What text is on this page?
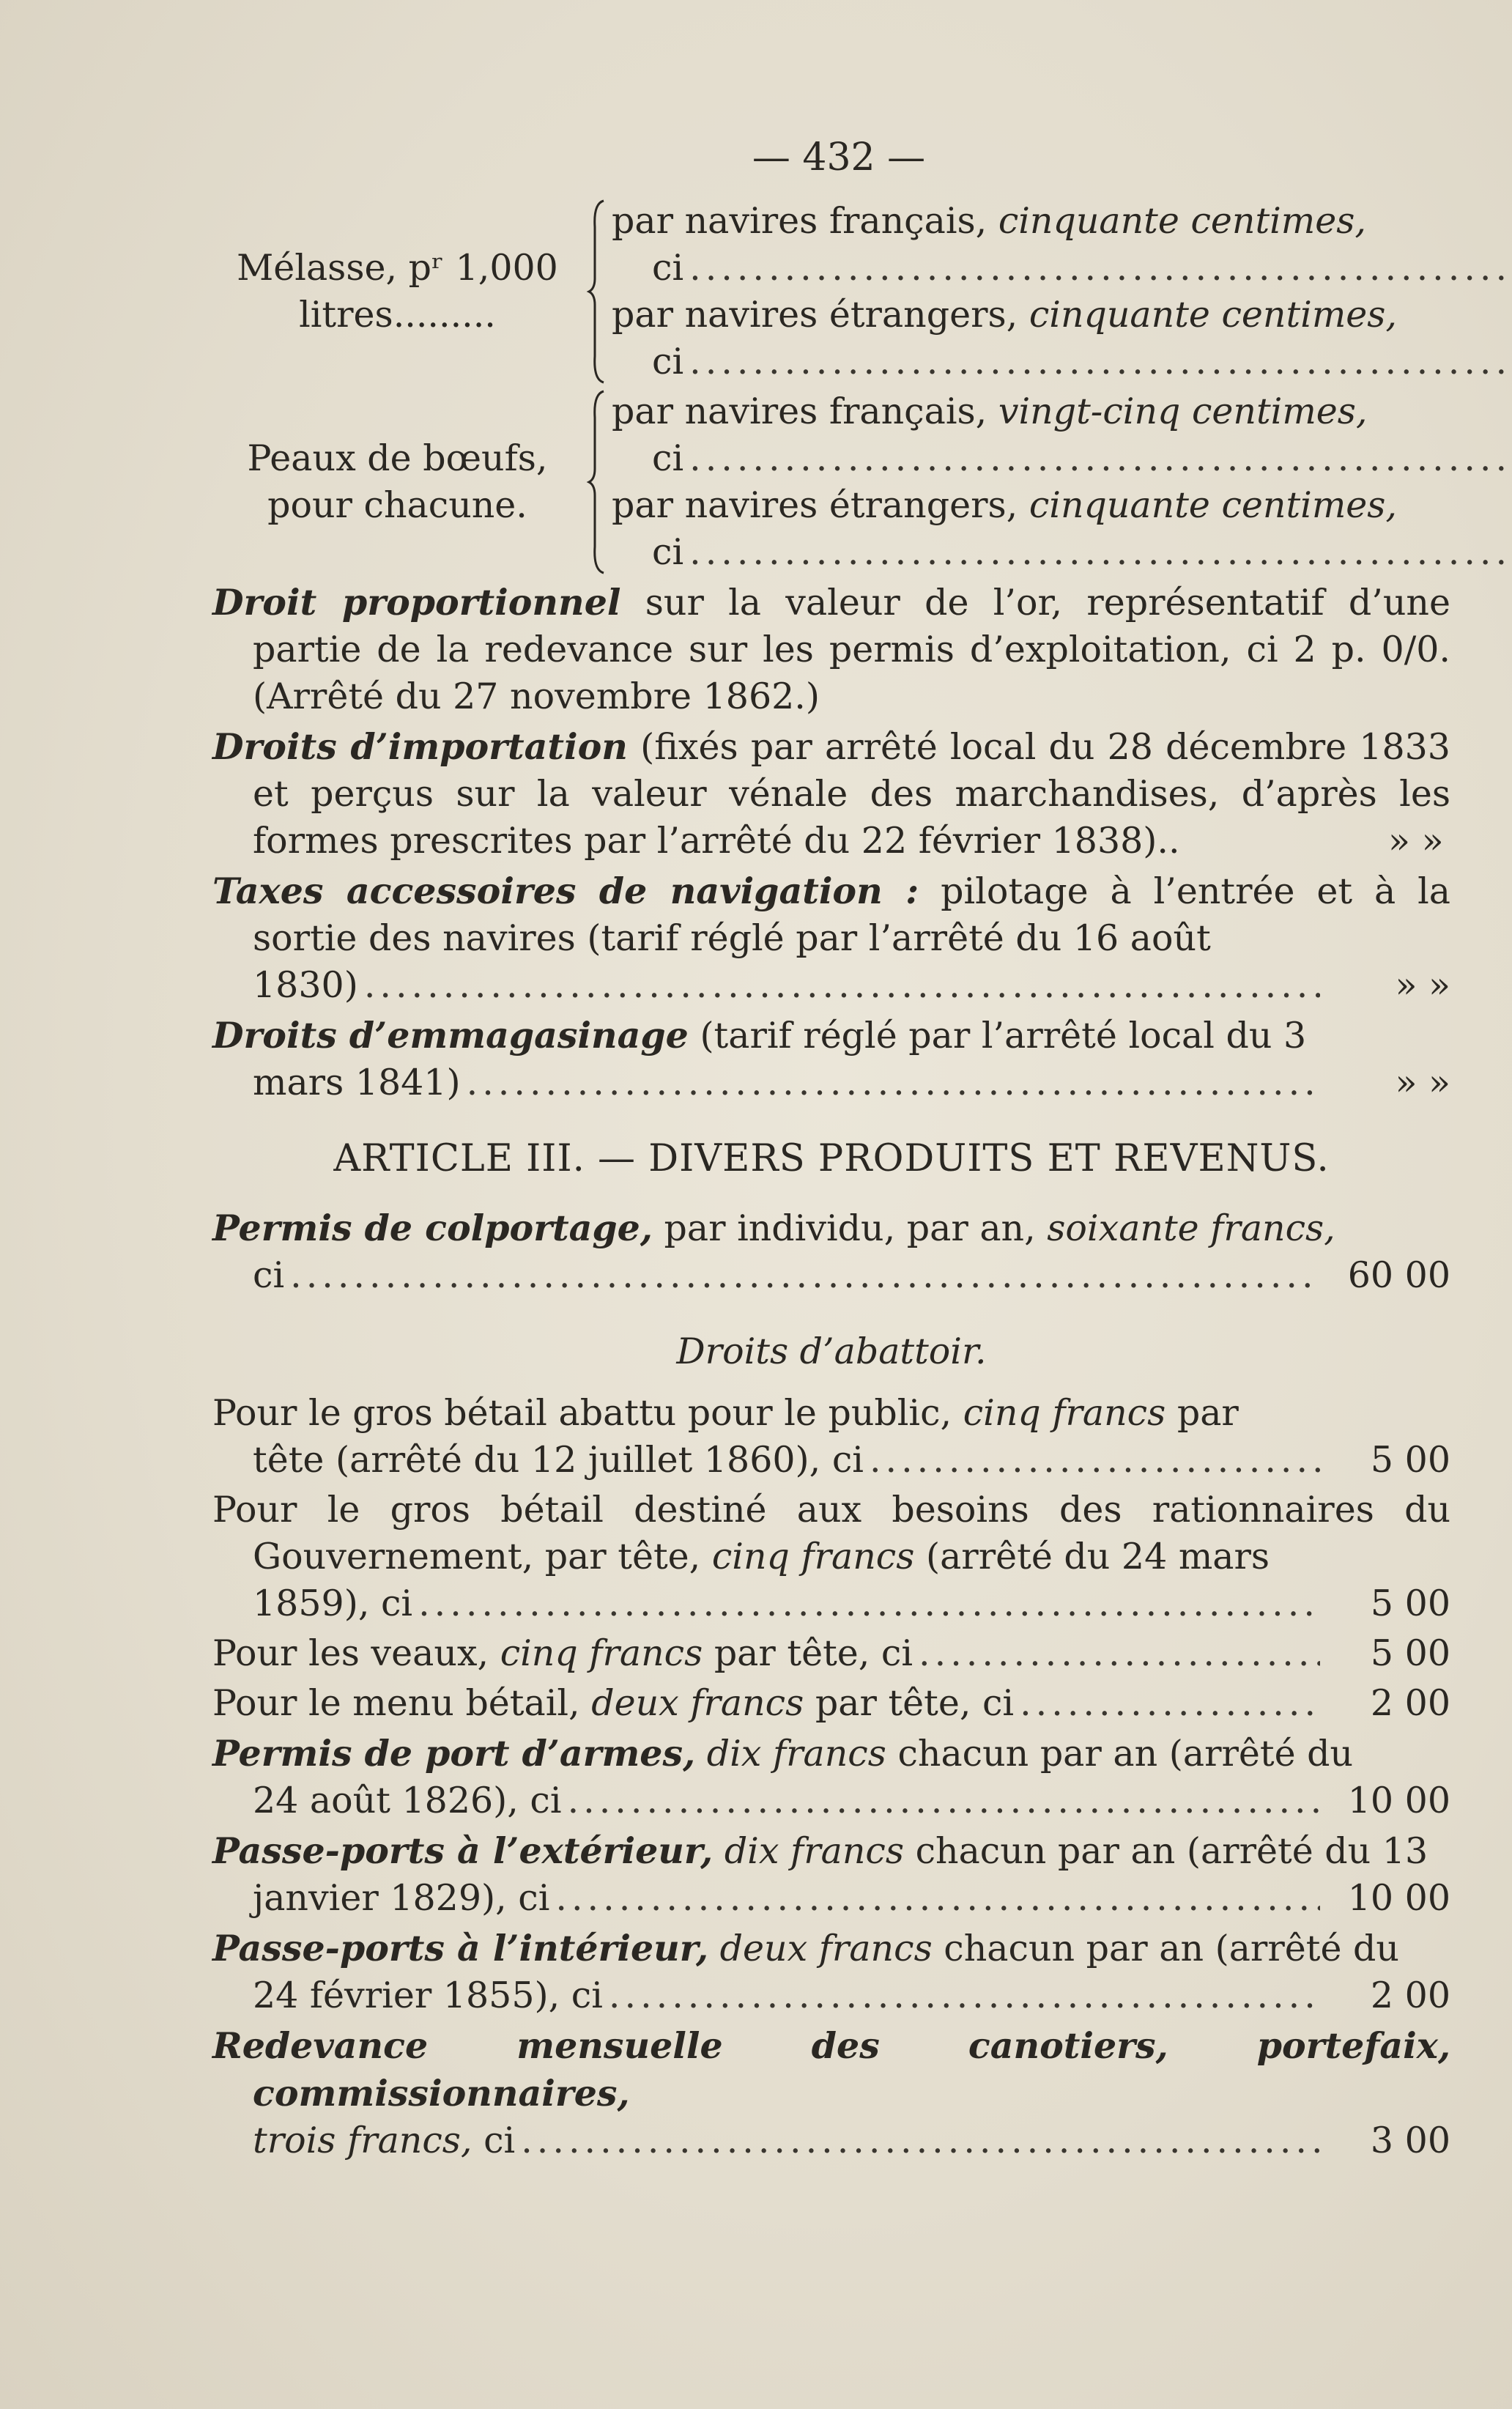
— 432 —
Mélasse, pʳ 1,000
litres.........
par navires français,
cinquante centimes,
ci
.....
par navires étrangers,
cinquante centimes,
ci
.....
Peaux de bœufs,
pour chacune.
par navires français,
vingt-cinq centimes,
ci
.....
par navires étrangers,
cinquante centimes,
ci
.....
Droit proportionnel sur la valeur de l’or, représentatif d’une partie de la redevance sur les permis d’exploitation, ci 2 p. 0/0. (Arrêté du 27 novembre 1862.)
Droits d’importation (fixés par arrêté local du 28 décembre 1833 et perçus sur la valeur vénale des marchandises, d’après les formes prescrites par l’arrêté du 22 février 1838)..	» »
Taxes accessoires de navigation : pilotage à l’entrée et à la sortie des navires (tarif réglé par l’arrêté du 16 août
1830) .....	» »
Droits d’emmagasinage (tarif réglé par l’arrêté local du 3
mars 1841) .....	» »
ARTICLE III. — DIVERS PRODUITS ET REVENUS.
Permis de colportage, par individu, par an, soixante francs,
ci .....	60 00
Droits d’abattoir.
Pour le gros bétail abattu pour le public, cinq francs par
tête (arrêté du 12 juillet 1860), ci .....	5 00
Pour le gros bétail destiné aux besoins des rationnaires du Gouvernement, par tête, cinq francs (arrêté du 24 mars
1859), ci .....	5 00
Pour les veaux,
cinq francs
par tête, ci .....	5 00
Pour le menu bétail,
deux francs
par tête, ci .....	2 00
Permis de port d’armes, dix francs chacun par an (arrêté du
24 août 1826), ci .....	10 00
Passe-ports à l’extérieur, dix francs chacun par an (arrêté du 13
janvier 1829), ci .....	10 00
Passe-ports à l’intérieur, deux francs chacun par an (arrêté du
24 février 1855), ci .....	2 00
Redevance mensuelle des canotiers, portefaix, commissionnaires,
trois francs,
ci .....	3 00
